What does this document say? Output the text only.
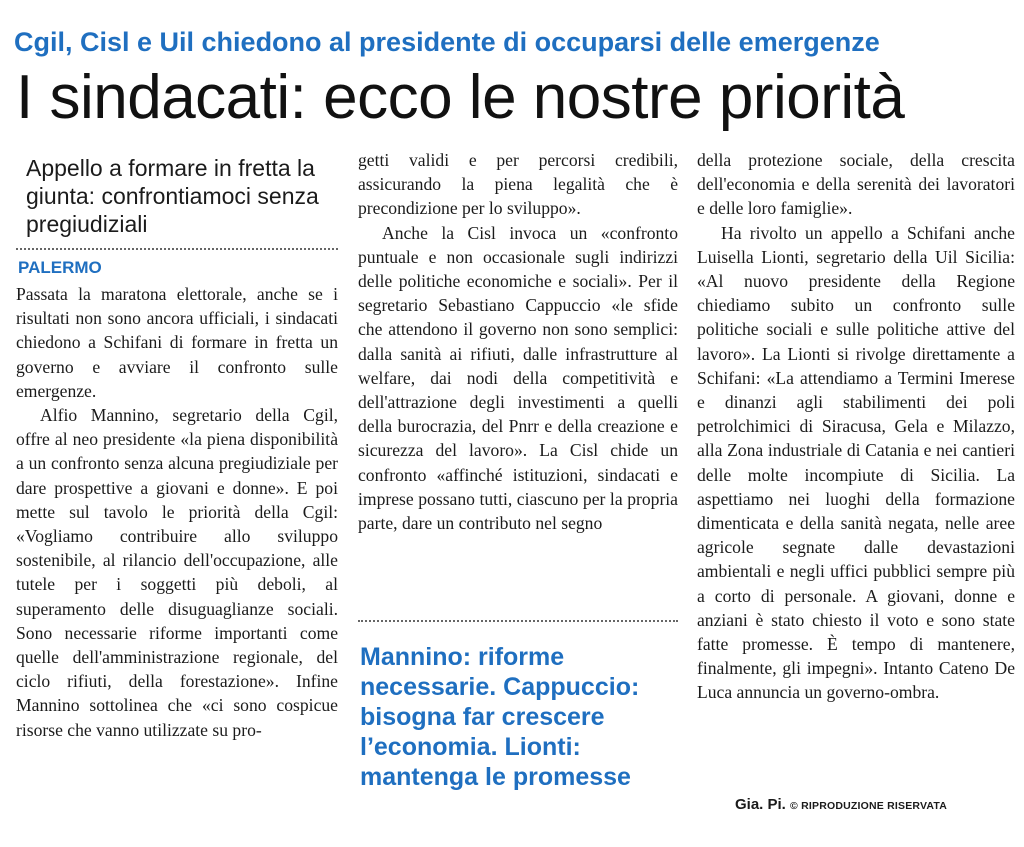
Cgil, Cisl e Uil chiedono al presidente di occuparsi delle emergenze
I sindacati: ecco le nostre priorità
Appello a formare in fretta la giunta: confrontiamoci senza pregiudiziali
PALERMO

Passata la maratona elettorale, anche se i risultati non sono ancora ufficiali, i sindacati chiedono a Schifani di formare in fretta un governo e avviare il confronto sulle emergenze.

Alfio Mannino, segretario della Cgil, offre al neo presidente «la piena disponibilità a un confronto senza alcuna pregiudiziale per dare prospettive a giovani e donne». E poi mette sul tavolo le priorità della Cgil: «Vogliamo contribuire allo sviluppo sostenibile, al rilancio dell'occupazione, alle tutele per i soggetti più deboli, al superamento delle disuguaglianze sociali. Sono necessarie riforme importanti come quelle dell'amministrazione regionale, del ciclo rifiuti, della forestazione». Infine Mannino sottolinea che «ci sono cospicue risorse che vanno utilizzate su pro-

getti validi e per percorsi credibili, assicurando la piena legalità che è precondizione per lo sviluppo».

Anche la Cisl invoca un «confronto puntuale e non occasionale sugli indirizzi delle politiche economiche e sociali». Per il segretario Sebastiano Cappuccio «le sfide che attendono il governo non sono semplici: dalla sanità ai rifiuti, dalle infrastrutture al welfare, dai nodi della competitività e dell'attrazione degli investimenti a quelli della burocrazia, del Pnrr e della creazione e sicurezza del lavoro». La Cisl chide un confronto «affinché istituzioni, sindacati e imprese possano tutti, ciascuno per la propria parte, dare un contributo nel segno

Mannino: riforme necessarie. Cappuccio: bisogna far crescere l’economia. Lionti: mantenga le promesse

della protezione sociale, della crescita dell'economia e della serenità dei lavoratori e delle loro famiglie».

Ha rivolto un appello a Schifani anche Luisella Lionti, segretario della Uil Sicilia: «Al nuovo presidente della Regione chiediamo subito un confronto sulle politiche sociali e sulle politiche attive del lavoro». La Lionti si rivolge direttamente a Schifani: «La attendiamo a Termini Imerese e dinanzi agli stabilimenti dei poli petrolchimici di Siracusa, Gela e Milazzo, alla Zona industriale di Catania e nei cantieri delle molte incompiute di Sicilia. La aspettiamo nei luoghi della formazione dimenticata e della sanità negata, nelle aree agricole segnate dalle devastazioni ambientali e negli uffici pubblici sempre più a corto di personale. A giovani, donne e anziani è stato chiesto il voto e sono state fatte promesse. È tempo di mantenere, finalmente, gli impegni». Intanto Cateno De Luca annuncia un governo-ombra.

Gia. Pi. © RIPRODUZIONE RISERVATA
